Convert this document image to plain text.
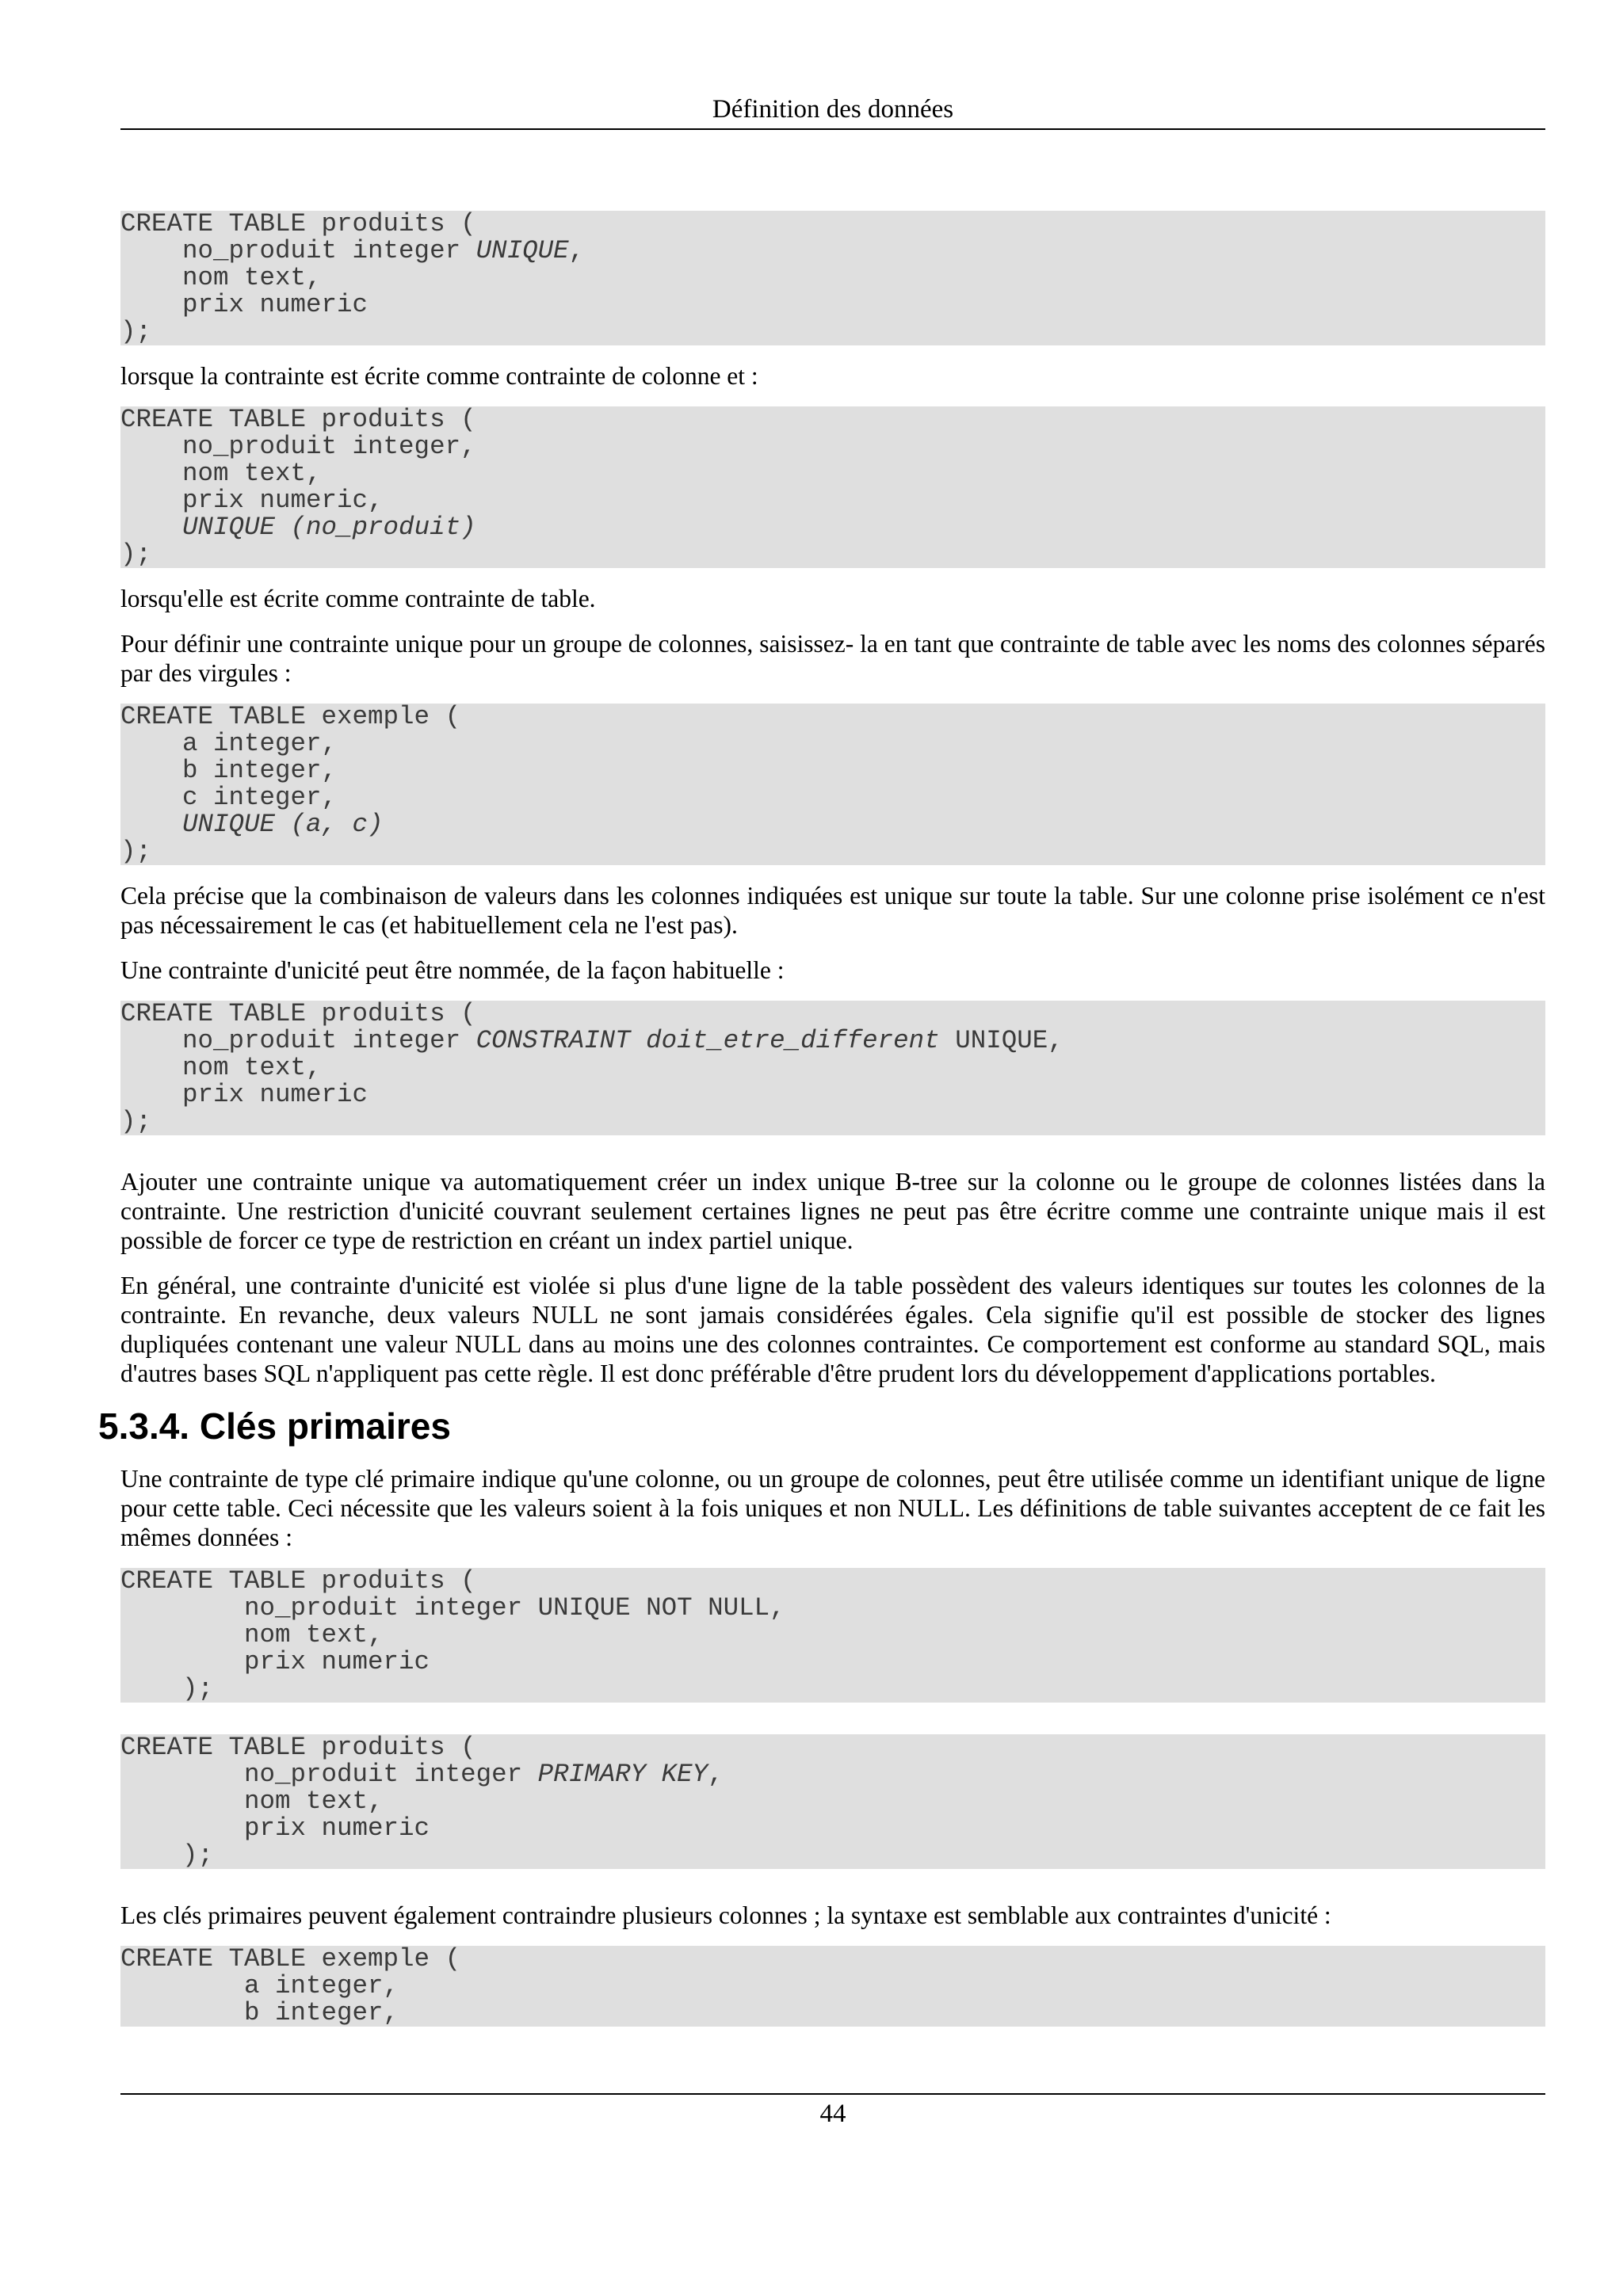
Définition des données
CREATE TABLE produits (
no_produit integer UNIQUE,
nom text,
prix numeric
);

lorsque la contrainte est écrite comme contrainte de colonne et :

CREATE TABLE produits (
no_produit integer,
nom text,
prix numeric,
UNIQUE (no_produit)
);

lorsqu'elle est écrite comme contrainte de table.

Pour définir une contrainte unique pour un groupe de colonnes, saisissez- la en tant que contrainte de table avec les noms des colonnes séparés par des virgules :

CREATE TABLE exemple (
a integer,
b integer,
c integer,
UNIQUE (a, c)
);

Cela précise que la combinaison de valeurs dans les colonnes indiquées est unique sur toute la table. Sur une colonne prise isolément ce n'est pas nécessairement le cas (et habituellement cela ne l'est pas).

Une contrainte d'unicité peut être nommée, de la façon habituelle :

CREATE TABLE produits (
no_produit integer CONSTRAINT doit_etre_different UNIQUE,
nom text,
prix numeric
);

Ajouter une contrainte unique va automatiquement créer un index unique B-tree sur la colonne ou le groupe de colonnes listées dans la contrainte. Une restriction d'unicité couvrant seulement certaines lignes ne peut pas être écritre comme une contrainte unique mais il est possible de forcer ce type de restriction en créant un index partiel unique.

En général, une contrainte d'unicité est violée si plus d'une ligne de la table possèdent des valeurs identiques sur toutes les colonnes de la contrainte. En revanche, deux valeurs NULL ne sont jamais considérées égales. Cela signifie qu'il est possible de stocker des lignes dupliquées contenant une valeur NULL dans au moins une des colonnes contraintes. Ce comportement est conforme au standard SQL, mais d'autres bases SQL n'appliquent pas cette règle. Il est donc préférable d'être prudent lors du développement d'applications portables.

5.3.4. Clés primaires

Une contrainte de type clé primaire indique qu'une colonne, ou un groupe de colonnes, peut être utilisée comme un identifiant unique de ligne pour cette table. Ceci nécessite que les valeurs soient à la fois uniques et non NULL. Les définitions de table suivantes acceptent de ce fait les mêmes données :

CREATE TABLE produits (
no_produit integer UNIQUE NOT NULL,
nom text,
prix numeric
);
CREATE TABLE produits (
no_produit integer PRIMARY KEY,
nom text,
prix numeric
);

Les clés primaires peuvent également contraindre plusieurs colonnes ; la syntaxe est semblable aux contraintes d'unicité :

CREATE TABLE exemple (
a integer,
b integer,
44
